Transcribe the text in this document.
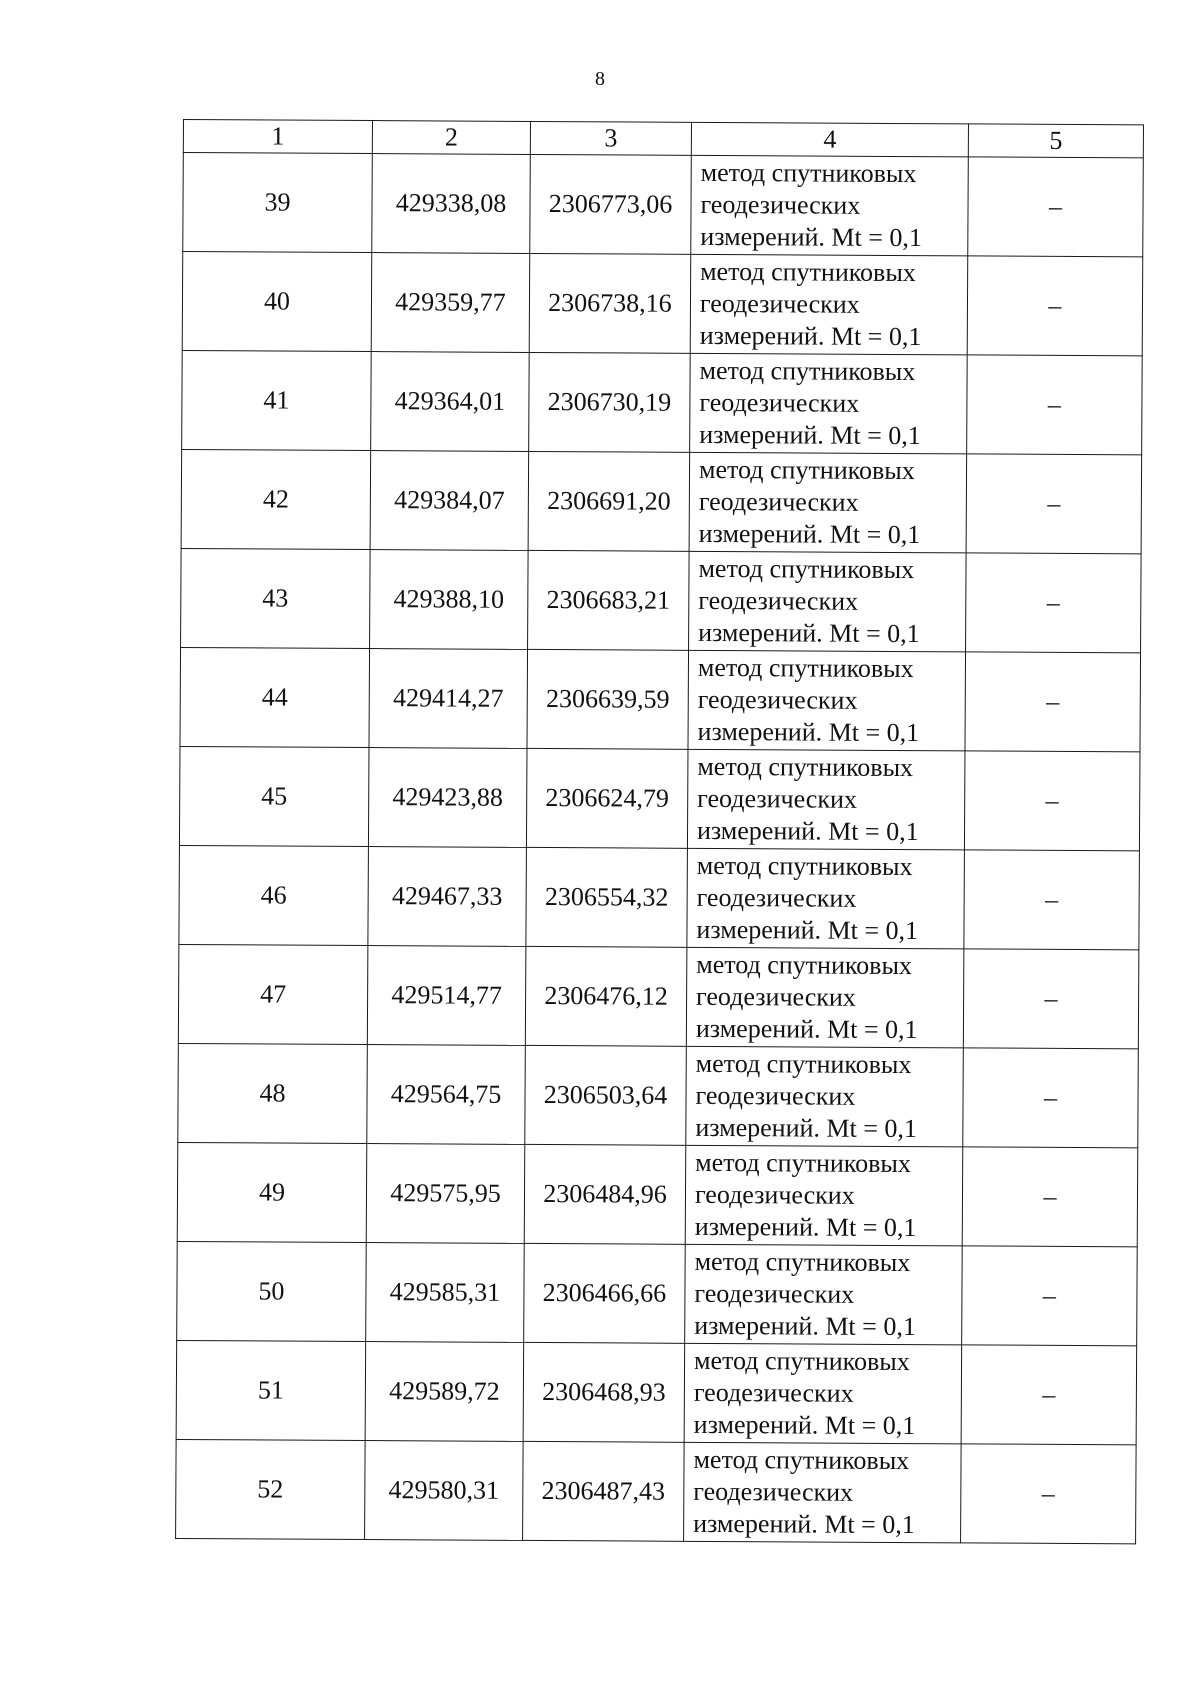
8
1	2	3	4	5
39	429338,08	2306773,06	метод спутниковых
геодезических
измерений. Mt = 0,1	–
40	429359,77	2306738,16	метод спутниковых
геодезических
измерений. Mt = 0,1	–
41	429364,01	2306730,19	метод спутниковых
геодезических
измерений. Mt = 0,1	–
42	429384,07	2306691,20	метод спутниковых
геодезических
измерений. Mt = 0,1	–
43	429388,10	2306683,21	метод спутниковых
геодезических
измерений. Mt = 0,1	–
44	429414,27	2306639,59	метод спутниковых
геодезических
измерений. Mt = 0,1	–
45	429423,88	2306624,79	метод спутниковых
геодезических
измерений. Mt = 0,1	–
46	429467,33	2306554,32	метод спутниковых
геодезических
измерений. Mt = 0,1	–
47	429514,77	2306476,12	метод спутниковых
геодезических
измерений. Mt = 0,1	–
48	429564,75	2306503,64	метод спутниковых
геодезических
измерений. Mt = 0,1	–
49	429575,95	2306484,96	метод спутниковых
геодезических
измерений. Mt = 0,1	–
50	429585,31	2306466,66	метод спутниковых
геодезических
измерений. Mt = 0,1	–
51	429589,72	2306468,93	метод спутниковых
геодезических
измерений. Mt = 0,1	–
52	429580,31	2306487,43	метод спутниковых
геодезических
измерений. Mt = 0,1	–
